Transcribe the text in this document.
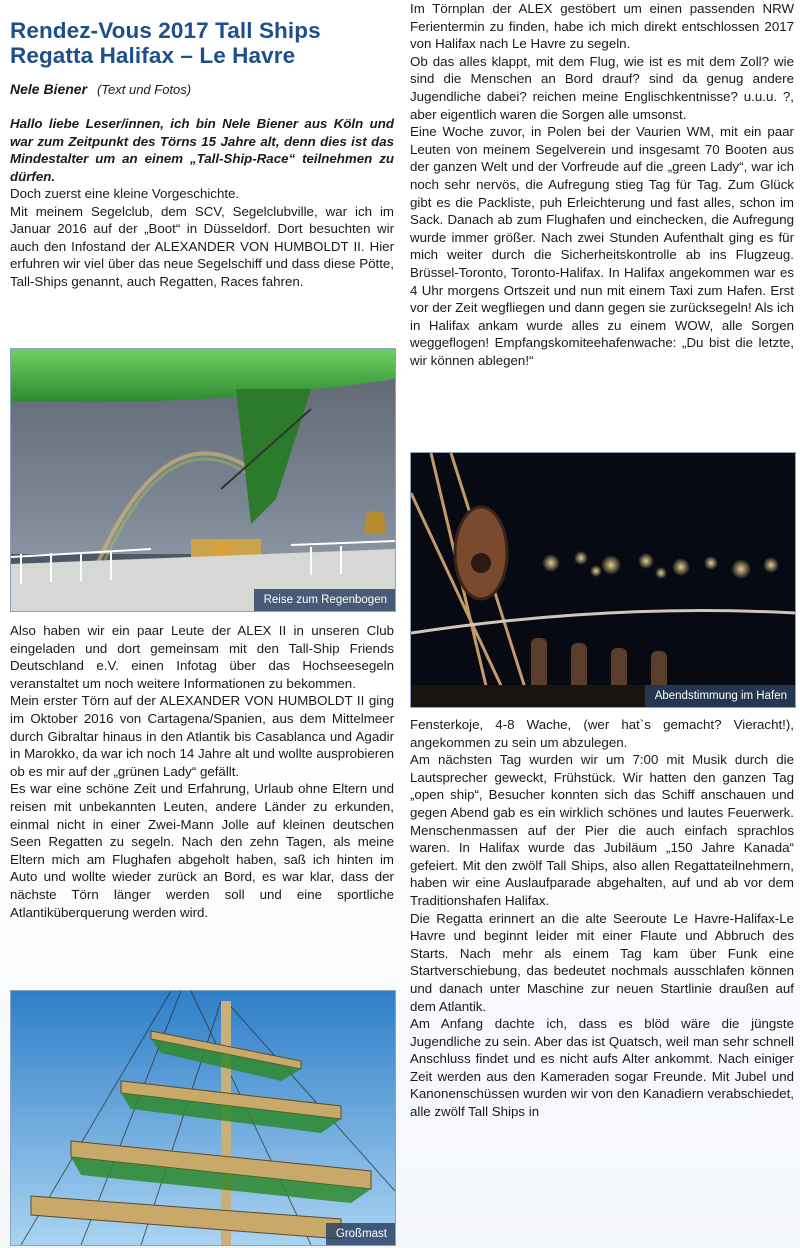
Rendez-Vous 2017 Tall Ships
Regatta Halifax – Le Havre
Nele Biener (Text und Fotos)

Hallo liebe Leser/innen, ich bin Nele Biener aus Köln und war zum Zeitpunkt des Törns 15 Jahre alt, denn dies ist das Mindestalter um an einem „Tall-Ship-Race“ teilnehmen zu dürfen.

Doch zuerst eine kleine Vorgeschichte.

Mit meinem Segelclub, dem SCV, Segelclubville, war ich im Januar 2016 auf der „Boot“ in Düsseldorf. Dort besuchten wir auch den Infostand der ALEXANDER VON HUMBOLDT II. Hier erfuhren wir viel über das neue Segelschiff und dass diese Pötte, Tall-Ships genannt, auch Regatten, Races fahren.

Reise zum Regenbogen

Also haben wir ein paar Leute der ALEX II in unseren Club eingeladen und dort gemeinsam mit den Tall-Ship Friends Deutschland e.V. einen Infotag über das Hochseesegeln veranstaltet um noch weitere Informationen zu bekommen.

Mein erster Törn auf der ALEXANDER VON HUMBOLDT II ging im Oktober 2016 von Cartagena/Spanien, aus dem Mittelmeer durch Gibraltar hinaus in den Atlantik bis Casablanca und Agadir in Marokko, da war ich noch 14 Jahre alt und wollte ausprobieren ob es mir auf der „grünen Lady“ gefällt.

Es war eine schöne Zeit und Erfahrung, Urlaub ohne Eltern und reisen mit unbekannten Leuten, andere Länder zu erkunden, einmal nicht in einer Zwei-Mann Jolle auf kleinen deutschen Seen Regatten zu segeln. Nach den zehn Tagen, als meine Eltern mich am Flughafen abgeholt haben, saß ich hinten im Auto und wollte wieder zurück an Bord, es war klar, dass der nächste Törn länger werden soll und eine sportliche Atlantiküberquerung werden wird.

Großmast

Im Törnplan der ALEX gestöbert um einen passenden NRW Ferientermin zu finden, habe ich mich direkt entschlossen 2017 von Halifax nach Le Havre zu segeln.

Ob das alles klappt, mit dem Flug, wie ist es mit dem Zoll? wie sind die Menschen an Bord drauf? sind da genug andere Jugendliche dabei? reichen meine Englischkentnisse? u.u.u. ?, aber eigentlich waren die Sorgen alle umsonst.

Eine Woche zuvor, in Polen bei der Vaurien WM, mit ein paar Leuten von meinem Segelverein und insgesamt 70 Booten aus der ganzen Welt und der Vorfreude auf die „green Lady“, war ich noch sehr nervös, die Aufregung stieg Tag für Tag. Zum Glück gibt es die Packliste, puh Erleichterung und fast alles, schon im Sack. Danach ab zum Flughafen und einchecken, die Aufregung wurde immer größer. Nach zwei Stunden Aufenthalt ging es für mich weiter durch die Sicherheitskontrolle ab ins Flugzeug. Brüssel-Toronto, Toronto-Halifax. In Halifax angekommen war es 4 Uhr morgens Ortszeit und nun mit einem Taxi zum Hafen. Erst vor der Zeit wegfliegen und dann gegen sie zurücksegeln! Als ich in Halifax ankam wurde alles zu einem WOW, alle Sorgen weggeflogen! Empfangskomiteehafenwache: „Du bist die letzte, wir können ablegen!“

Abendstimmung im Hafen

Fensterkoje, 4-8 Wache, (wer hat`s gemacht? Vieracht!), angekommen zu sein um abzulegen.

Am nächsten Tag wurden wir um 7:00 mit Musik durch die Lautsprecher geweckt, Frühstück. Wir hatten den ganzen Tag „open ship“, Besucher konnten sich das Schiff anschauen und gegen Abend gab es ein wirklich schönes und lautes Feuerwerk. Menschenmassen auf der Pier die auch einfach sprachlos waren. In Halifax wurde das Jubiläum „150 Jahre Kanada“ gefeiert. Mit den zwölf Tall Ships, also allen Regattateilnehmern, haben wir eine Auslaufparade abgehalten, auf und ab vor dem Traditionshafen Halifax.

Die Regatta erinnert an die alte Seeroute Le Havre-Halifax-Le Havre und beginnt leider mit einer Flaute und Abbruch des Starts. Nach mehr als einem Tag kam über Funk eine Startverschiebung, das bedeutet nochmals ausschlafen können und danach unter Maschine zur neuen Startlinie draußen auf dem Atlantik.

Am Anfang dachte ich, dass es blöd wäre die jüngste Jugendliche zu sein. Aber das ist Quatsch, weil man sehr schnell Anschluss findet und es nicht aufs Alter ankommt. Nach einiger Zeit werden aus den Kameraden sogar Freunde. Mit Jubel und Kanonenschüssen wurden wir von den Kanadiern verabschiedet, alle zwölf Tall Ships in
